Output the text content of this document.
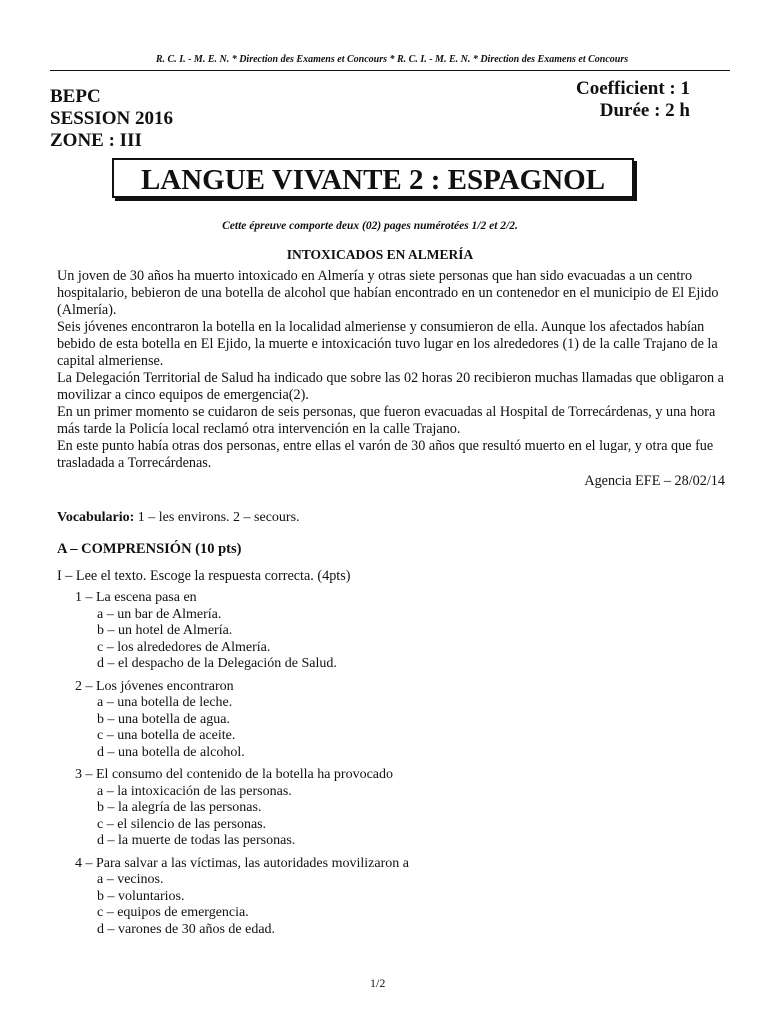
R. C. I. - M. E. N. * Direction des Examens et Concours * R. C. I. - M. E. N. * Direction des Examens et Concours
BEPC
SESSION 2016
ZONE : III
Coefficient : 1
Durée : 2 h
LANGUE VIVANTE 2 : ESPAGNOL
Cette épreuve comporte deux (02) pages numérotées 1/2 et 2/2.
INTOXICADOS EN ALMERÍA

Un joven de 30 años ha muerto intoxicado en Almería y otras siete personas que han sido evacuadas a un centro hospitalario, bebieron de una botella de alcohol que habían encontrado en un contenedor en el municipio de El Ejido (Almería).

Seis jóvenes encontraron la botella en la localidad almeriense y consumieron de ella. Aunque los afectados habían bebido de esta botella en El Ejido, la muerte e intoxicación tuvo lugar en los alrededores (1) de la calle Trajano de la capital almeriense.

La Delegación Territorial de Salud ha indicado que sobre las 02 horas 20 recibieron muchas llamadas que obligaron a movilizar a cinco equipos de emergencia(2).

En un primer momento se cuidaron de seis personas, que fueron evacuadas al Hospital de Torrecárdenas, y una hora más tarde la Policía local reclamó otra intervención en la calle Trajano.

En este punto había otras dos personas, entre ellas el varón de 30 años que resultó muerto en el lugar, y otra que fue trasladada a Torrecárdenas.

Agencia EFE – 28/02/14
Vocabulario: 1 – les environs. 2 – secours.
A – COMPRENSIÓN (10 pts)
I – Lee el texto. Escoge la respuesta correcta. (4pts)
1 – La escena pasa en
a – un bar de Almería.
b – un hotel de Almería.
c – los alrededores de Almería.
d – el despacho de la Delegación de Salud.
2 – Los jóvenes encontraron
a – una botella de leche.
b – una botella de agua.
c – una botella de aceite.
d – una botella de alcohol.
3 – El consumo del contenido de la botella ha provocado
a – la intoxicación de las personas.
b – la alegría de las personas.
c – el silencio de las personas.
d – la muerte de todas las personas.
4 – Para salvar a las víctimas, las autoridades movilizaron a
a – vecinos.
b – voluntarios.
c – equipos de emergencia.
d – varones de 30 años de edad.
1/2
